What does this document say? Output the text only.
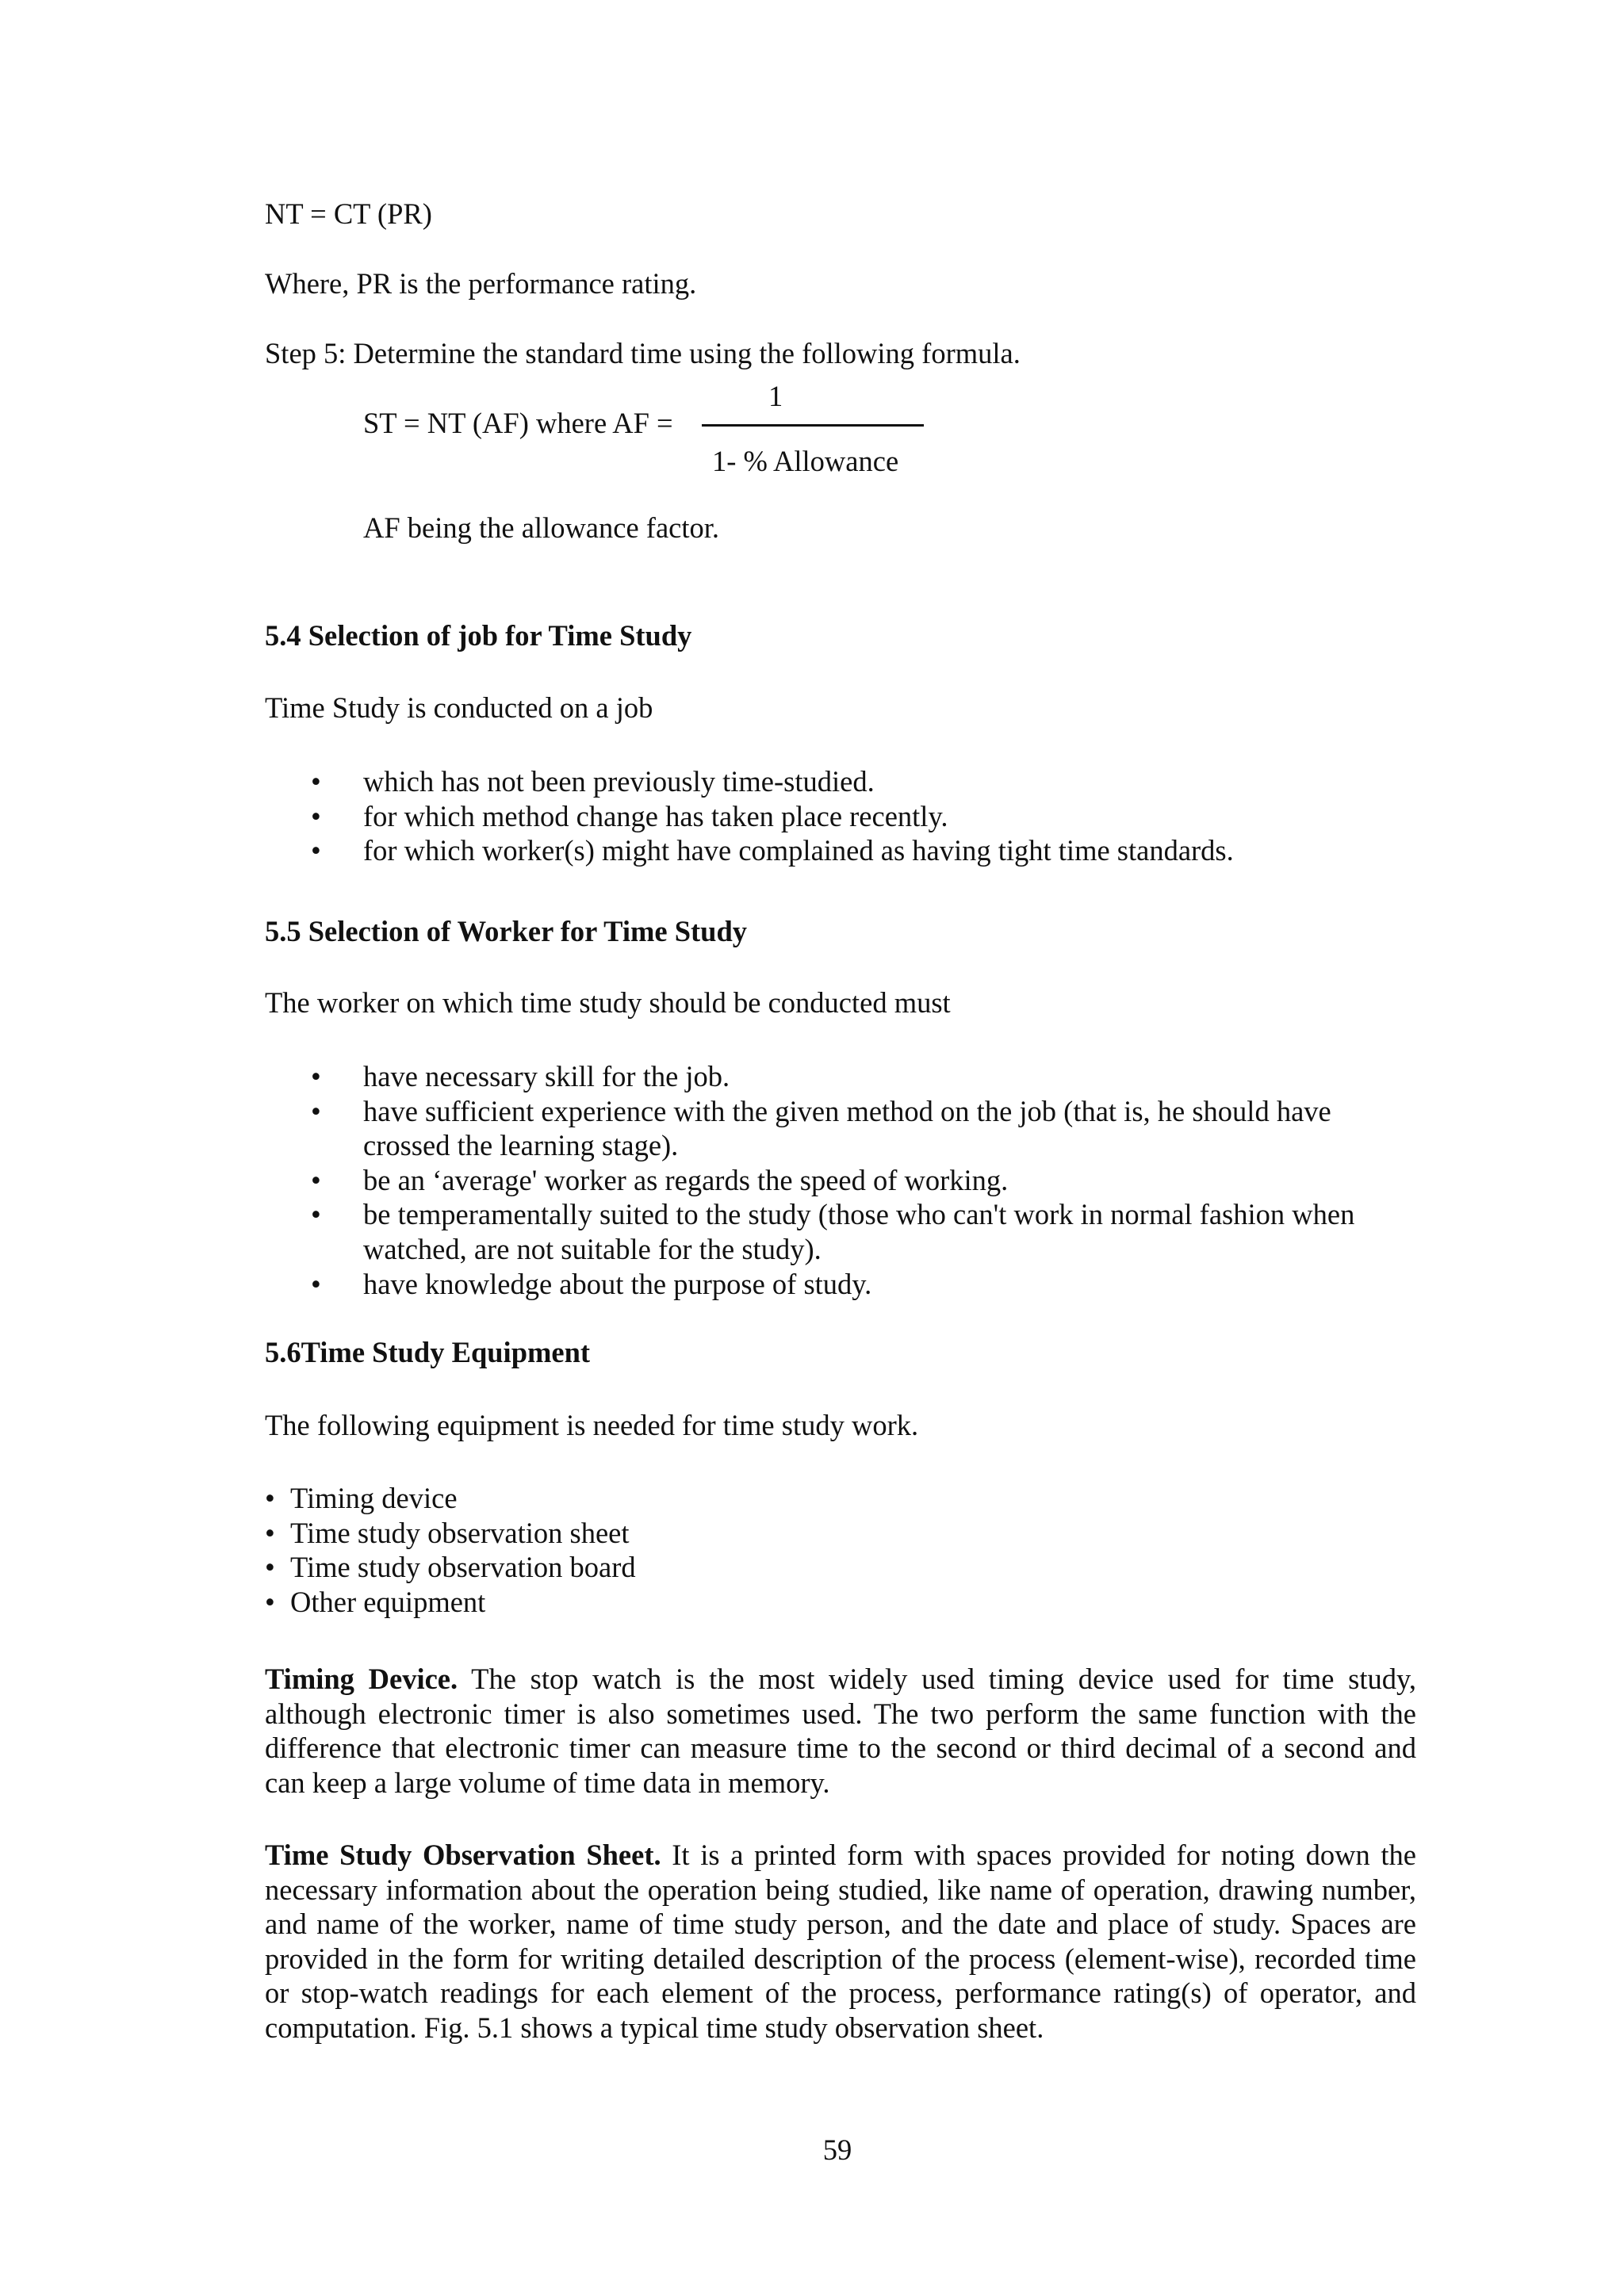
NT = CT (PR)
Where, PR is the performance rating.
Step 5: Determine the standard time using the following formula.
1
ST = NT (AF) where AF =
1- % Allowance
AF being the allowance factor.
5.4 Selection of job for Time Study
Time Study is conducted on a job
• which has not been previously time-studied.
• for which method change has taken place recently.
• for which worker(s) might have complained as having tight time standards.
5.5 Selection of Worker for Time Study
The worker on which time study should be conducted must
• have necessary skill for the job.
• have sufficient experience with the given method on the job (that is, he should have crossed the learning stage).
• be an ‘average' worker as regards the speed of working.
• be temperamentally suited to the study (those who can't work in normal fashion when watched, are not suitable for the study).
• have knowledge about the purpose of study.
5.6Time Study Equipment
The following equipment is needed for time study work.
• Timing device
• Time study observation sheet
• Time study observation board
• Other equipment
Timing Device. The stop watch is the most widely used timing device used for time study, although electronic timer is also sometimes used. The two perform the same function with the difference that electronic timer can measure time to the second or third decimal of a second and can keep a large volume of time data in memory.
Time Study Observation Sheet. It is a printed form with spaces provided for noting down the necessary information about the operation being studied, like name of operation, drawing number, and name of the worker, name of time study person, and the date and place of study. Spaces are provided in the form for writing detailed description of the process (element-wise), recorded time or stop-watch readings for each element of the process, performance rating(s) of operator, and computation. Fig. 5.1 shows a typical time study observation sheet.
59
